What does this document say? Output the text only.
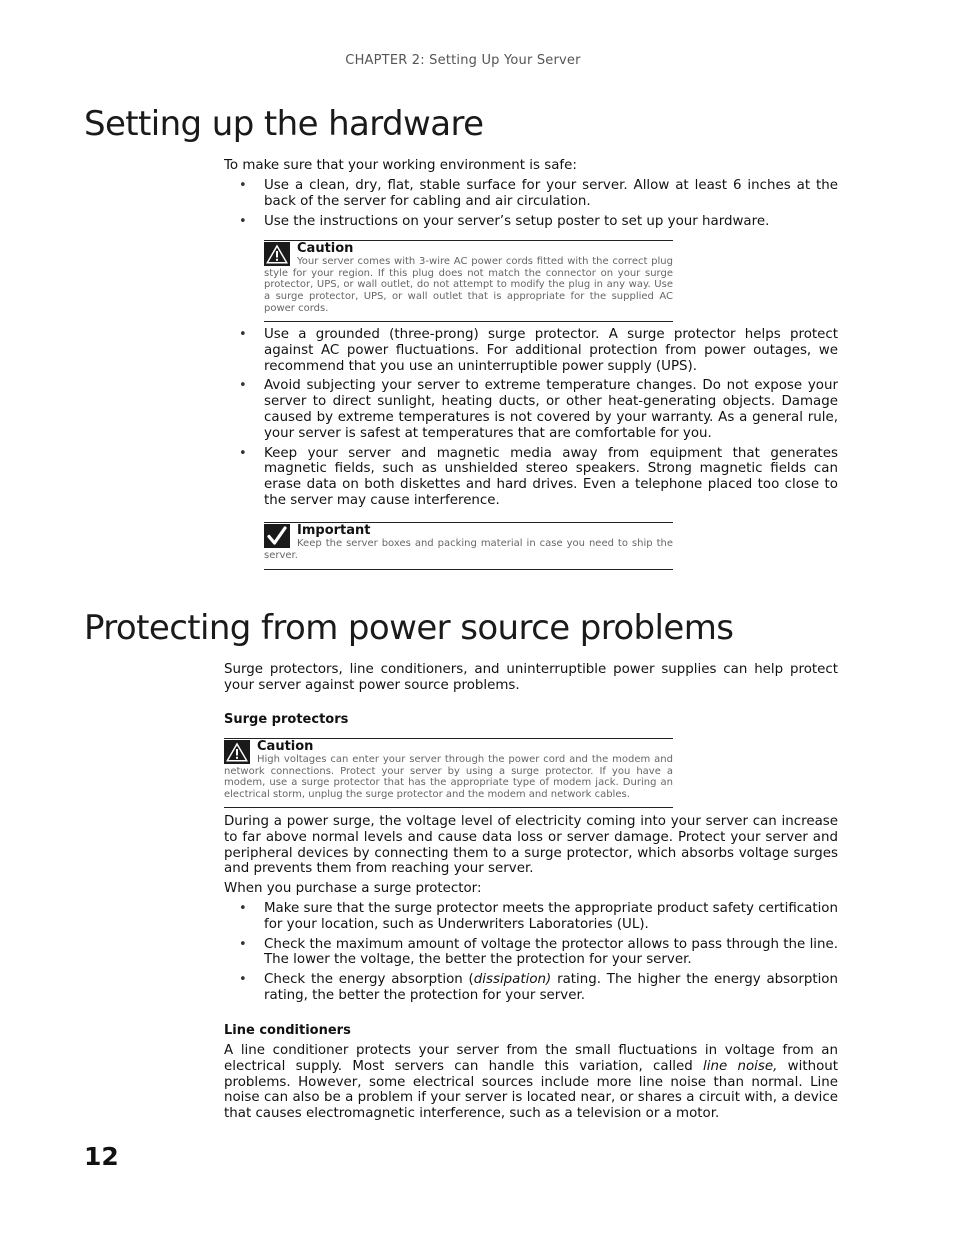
CHAPTER 2: Setting Up Your Server
Setting up the hardware

To make sure that your working environment is safe:

• Use a clean, dry, flat, stable surface for your server. Allow at least 6 inches at the back of the server for cabling and air circulation.
• Use the instructions on your server’s setup poster to set up your hardware.
Caution
Your server comes with 3-wire AC power cords fitted with the correct plug style for your region. If this plug does not match the connector on your surge protector, UPS, or wall outlet, do not attempt to modify the plug in any way. Use a surge protector, UPS, or wall outlet that is appropriate for the supplied AC power cords.
• Use a grounded (three-prong) surge protector. A surge protector helps protect against AC power fluctuations. For additional protection from power outages, we recommend that you use an uninterruptible power supply (UPS).
• Avoid subjecting your server to extreme temperature changes. Do not expose your server to direct sunlight, heating ducts, or other heat-generating objects. Damage caused by extreme temperatures is not covered by your warranty. As a general rule, your server is safest at temperatures that are comfortable for you.
• Keep your server and magnetic media away from equipment that generates magnetic fields, such as unshielded stereo speakers. Strong magnetic fields can erase data on both diskettes and hard drives. Even a telephone placed too close to the server may cause interference.
Important
Keep the server boxes and packing material in case you need to ship the server.
Protecting from power source problems

Surge protectors, line conditioners, and uninterruptible power supplies can help protect your server against power source problems.

Surge protectors
Caution
High voltages can enter your server through the power cord and the modem and network connections. Protect your server by using a surge protector. If you have a modem, use a surge protector that has the appropriate type of modem jack. During an electrical storm, unplug the surge protector and the modem and network cables.

During a power surge, the voltage level of electricity coming into your server can increase to far above normal levels and cause data loss or server damage. Protect your server and peripheral devices by connecting them to a surge protector, which absorbs voltage surges and prevents them from reaching your server.

When you purchase a surge protector:

• Make sure that the surge protector meets the appropriate product safety certification for your location, such as Underwriters Laboratories (UL).
• Check the maximum amount of voltage the protector allows to pass through the line. The lower the voltage, the better the protection for your server.
• Check the energy absorption (dissipation) rating. The higher the energy absorption rating, the better the protection for your server.
Line conditioners

A line conditioner protects your server from the small fluctuations in voltage from an electrical supply. Most servers can handle this variation, called line noise, without problems. However, some electrical sources include more line noise than normal. Line noise can also be a problem if your server is located near, or shares a circuit with, a device that causes electromagnetic interference, such as a television or a motor.

12
